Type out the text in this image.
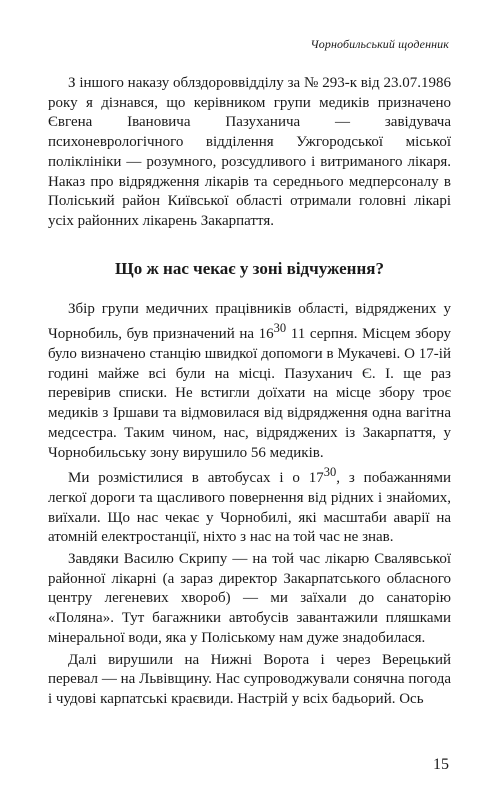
Чорнобильський щоденник

З іншого наказу облздороввідділу за № 293-к від 23.07.1986 року я дізнався, що керівником групи медиків призначено Євгена Івановича Пазуханича — завідувача психоневрологічного відділення Ужгородської міської поліклініки — розумного, розсудливого і витриманого лікаря. Наказ про відрядження лікарів та середнього медперсоналу в Поліський район Київської області отримали головні лікарі усіх районних лікарень Закарпаття.

Що ж нас чекає у зоні відчуження?

Збір групи медичних працівників області, відряджених у Чорнобиль, був призначений на $16^{30}$ 11 серпня. Місцем збору було визначено станцію швидкої допомоги в Мукачеві. О 17-ій годині майже всі були на місці. Пазуханич Є. І. ще раз перевірив списки. Не встигли доїхати на місце збору троє медиків з Іршави та відмовилася від відрядження одна вагітна медсестра. Таким чином, нас, відряджених із Закарпаття, у Чорнобильську зону вирушило 56 медиків.

Ми розмістилися в автобусах і о $17^{30}$, з побажаннями легкої дороги та щасливого повернення від рідних і знайомих, виїхали. Що нас чекає у Чорнобилі, які масштаби аварії на атомній електростанції, ніхто з нас на той час не знав.

Завдяки Василю Скрипу — на той час лікарю Свалявської районної лікарні (а зараз директор Закарпатського обласного центру легеневих хвороб) — ми заїхали до санаторію «Поляна». Тут багажники автобусів завантажили пляшками мінеральної води, яка у Поліському нам дуже знадобилася.

Далі вирушили на Нижні Ворота і через Верецький перевал — на Львівщину. Нас супроводжували сонячна погода і чудові карпатські краєвиди. Настрій у всіх бадьорий. Ось

15
